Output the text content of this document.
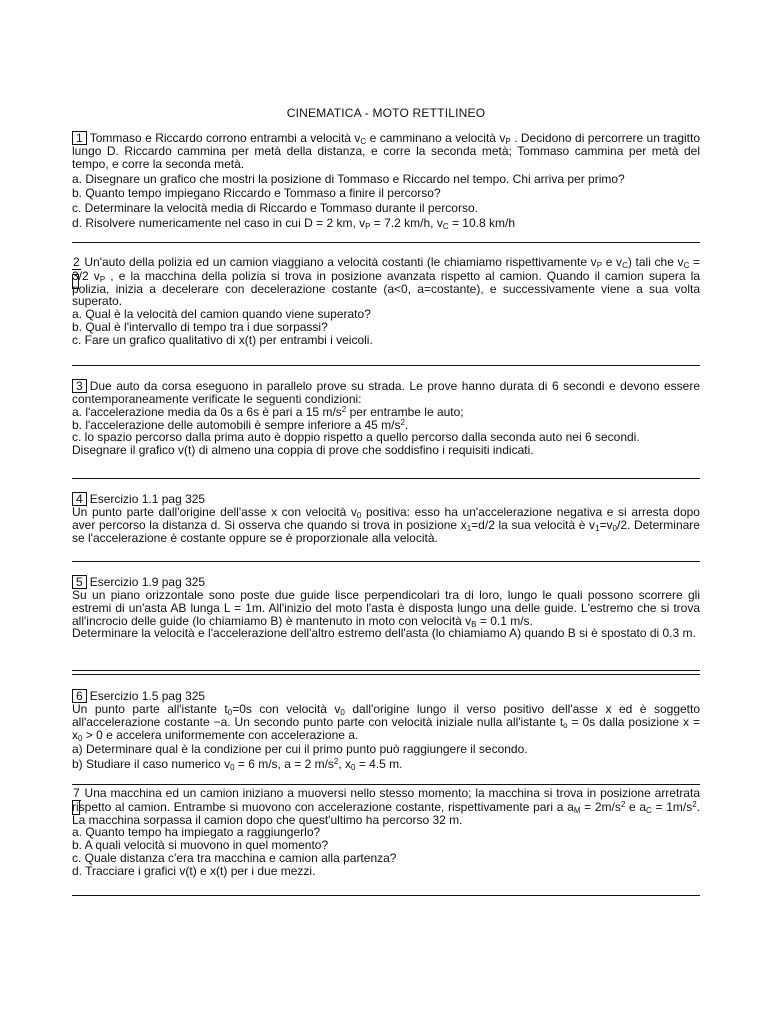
CINEMATICA - MOTO RETTILINEO

1 Tommaso e Riccardo corrono entrambi a velocità $v_C$ e camminano a velocità $v_P$ . Decidono di percorrere un tragitto lungo D. Riccardo cammina per metà della distanza, e corre la seconda metà; Tommaso cammina per metà del tempo, e corre la seconda metà.

a. Disegnare un grafico che mostri la posizione di Tommaso e Riccardo nel tempo. Chi arriva per primo?

b. Quanto tempo impiegano Riccardo e Tommaso a finire il percorso?

c. Determinare la velocità media di Riccardo e Tommaso durante il percorso.

d. Risolvere numericamente nel caso in cui D = 2 km, $v_P = 7.2$ km/h, $v_C = 10.8$ km/h

2 Un'auto della polizia ed un camion viaggiano a velocità costanti (le chiamiamo rispettivamente $v_P$ e $v_C$) tali che $v_C = 3/2$ $v_P$ , e la macchina della polizia si trova in posizione avanzata rispetto al camion. Quando il camion supera la polizia, inizia a decelerare con decelerazione costante (a<0, a=costante), e successivamente viene a sua volta superato.

a. Qual è la velocità del camion quando viene superato?

b. Qual è l'intervallo di tempo tra i due sorpassi?

c. Fare un grafico qualitativo di x(t) per entrambi i veicoli.

3 Due auto da corsa eseguono in parallelo prove su strada. Le prove hanno durata di 6 secondi e devono essere contemporaneamente verificate le seguenti condizioni:

a. l'accelerazione media da 0s a 6s è pari a 15 $m/s^2$ per entrambe le auto;

b. l'accelerazione delle automobili è sempre inferiore a 45 $m/s^2$.

c. lo spazio percorso dalla prima auto è doppio rispetto a quello percorso dalla seconda auto nei 6 secondi.

Disegnare il grafico v(t) di almeno una coppia di prove che soddisfino i requisiti indicati.

4 Esercizio 1.1 pag 325

Un punto parte dall'origine dell'asse x con velocità $v_0$ positiva: esso ha un'accelerazione negativa e si arresta dopo aver percorso la distanza d. Si osserva che quando si trova in posizione $x_1=d/2$ la sua velocità è $v_1=v_0/2$. Determinare se l'accelerazione è costante oppure se è proporzionale alla velocità.

5 Esercizio 1.9 pag 325

Su un piano orizzontale sono poste due guide lisce perpendicolari tra di loro, lungo le quali possono scorrere gli estremi di un'asta AB lunga L = 1m. All'inizio del moto l'asta è disposta lungo una delle guide. L'estremo che si trova all'incrocio delle guide (lo chiamiamo B) è mantenuto in moto con velocità $v_B = 0.1$ m/s.

Determinare la velocità e l'accelerazione dell'altro estremo dell'asta (lo chiamiamo A) quando B si è spostato di 0.3 m.

6 Esercizio 1.5 pag 325

Un punto parte all'istante $t_0=0s$ con velocità $v_0$ dall'origine lungo il verso positivo dell'asse x ed è soggetto all'accelerazione costante −a. Un secondo punto parte con velocità iniziale nulla all'istante $t_o = 0s$ dalla posizione $x = x_0 > 0$ e accelera uniformemente con accelerazione a.

a) Determinare qual è la condizione per cui il primo punto può raggiungere il secondo.

b) Studiare il caso numerico $v_0 = 6$ m/s, a = 2 $m/s^2$, $x_0 = 4.5$ m.

7 Una macchina ed un camion iniziano a muoversi nello stesso momento; la macchina si trova in posizione arretrata rispetto al camion. Entrambe si muovono con accelerazione costante, rispettivamente pari a $a_M = 2m/s^2$ e $a_C = 1m/s^2$. La macchina sorpassa il camion dopo che quest'ultimo ha percorso 32 m.

a. Quanto tempo ha impiegato a raggiungerlo?

b. A quali velocità si muovono in quel momento?

c. Quale distanza c'era tra macchina e camion alla partenza?

d. Tracciare i grafici v(t) e x(t) per i due mezzi.
